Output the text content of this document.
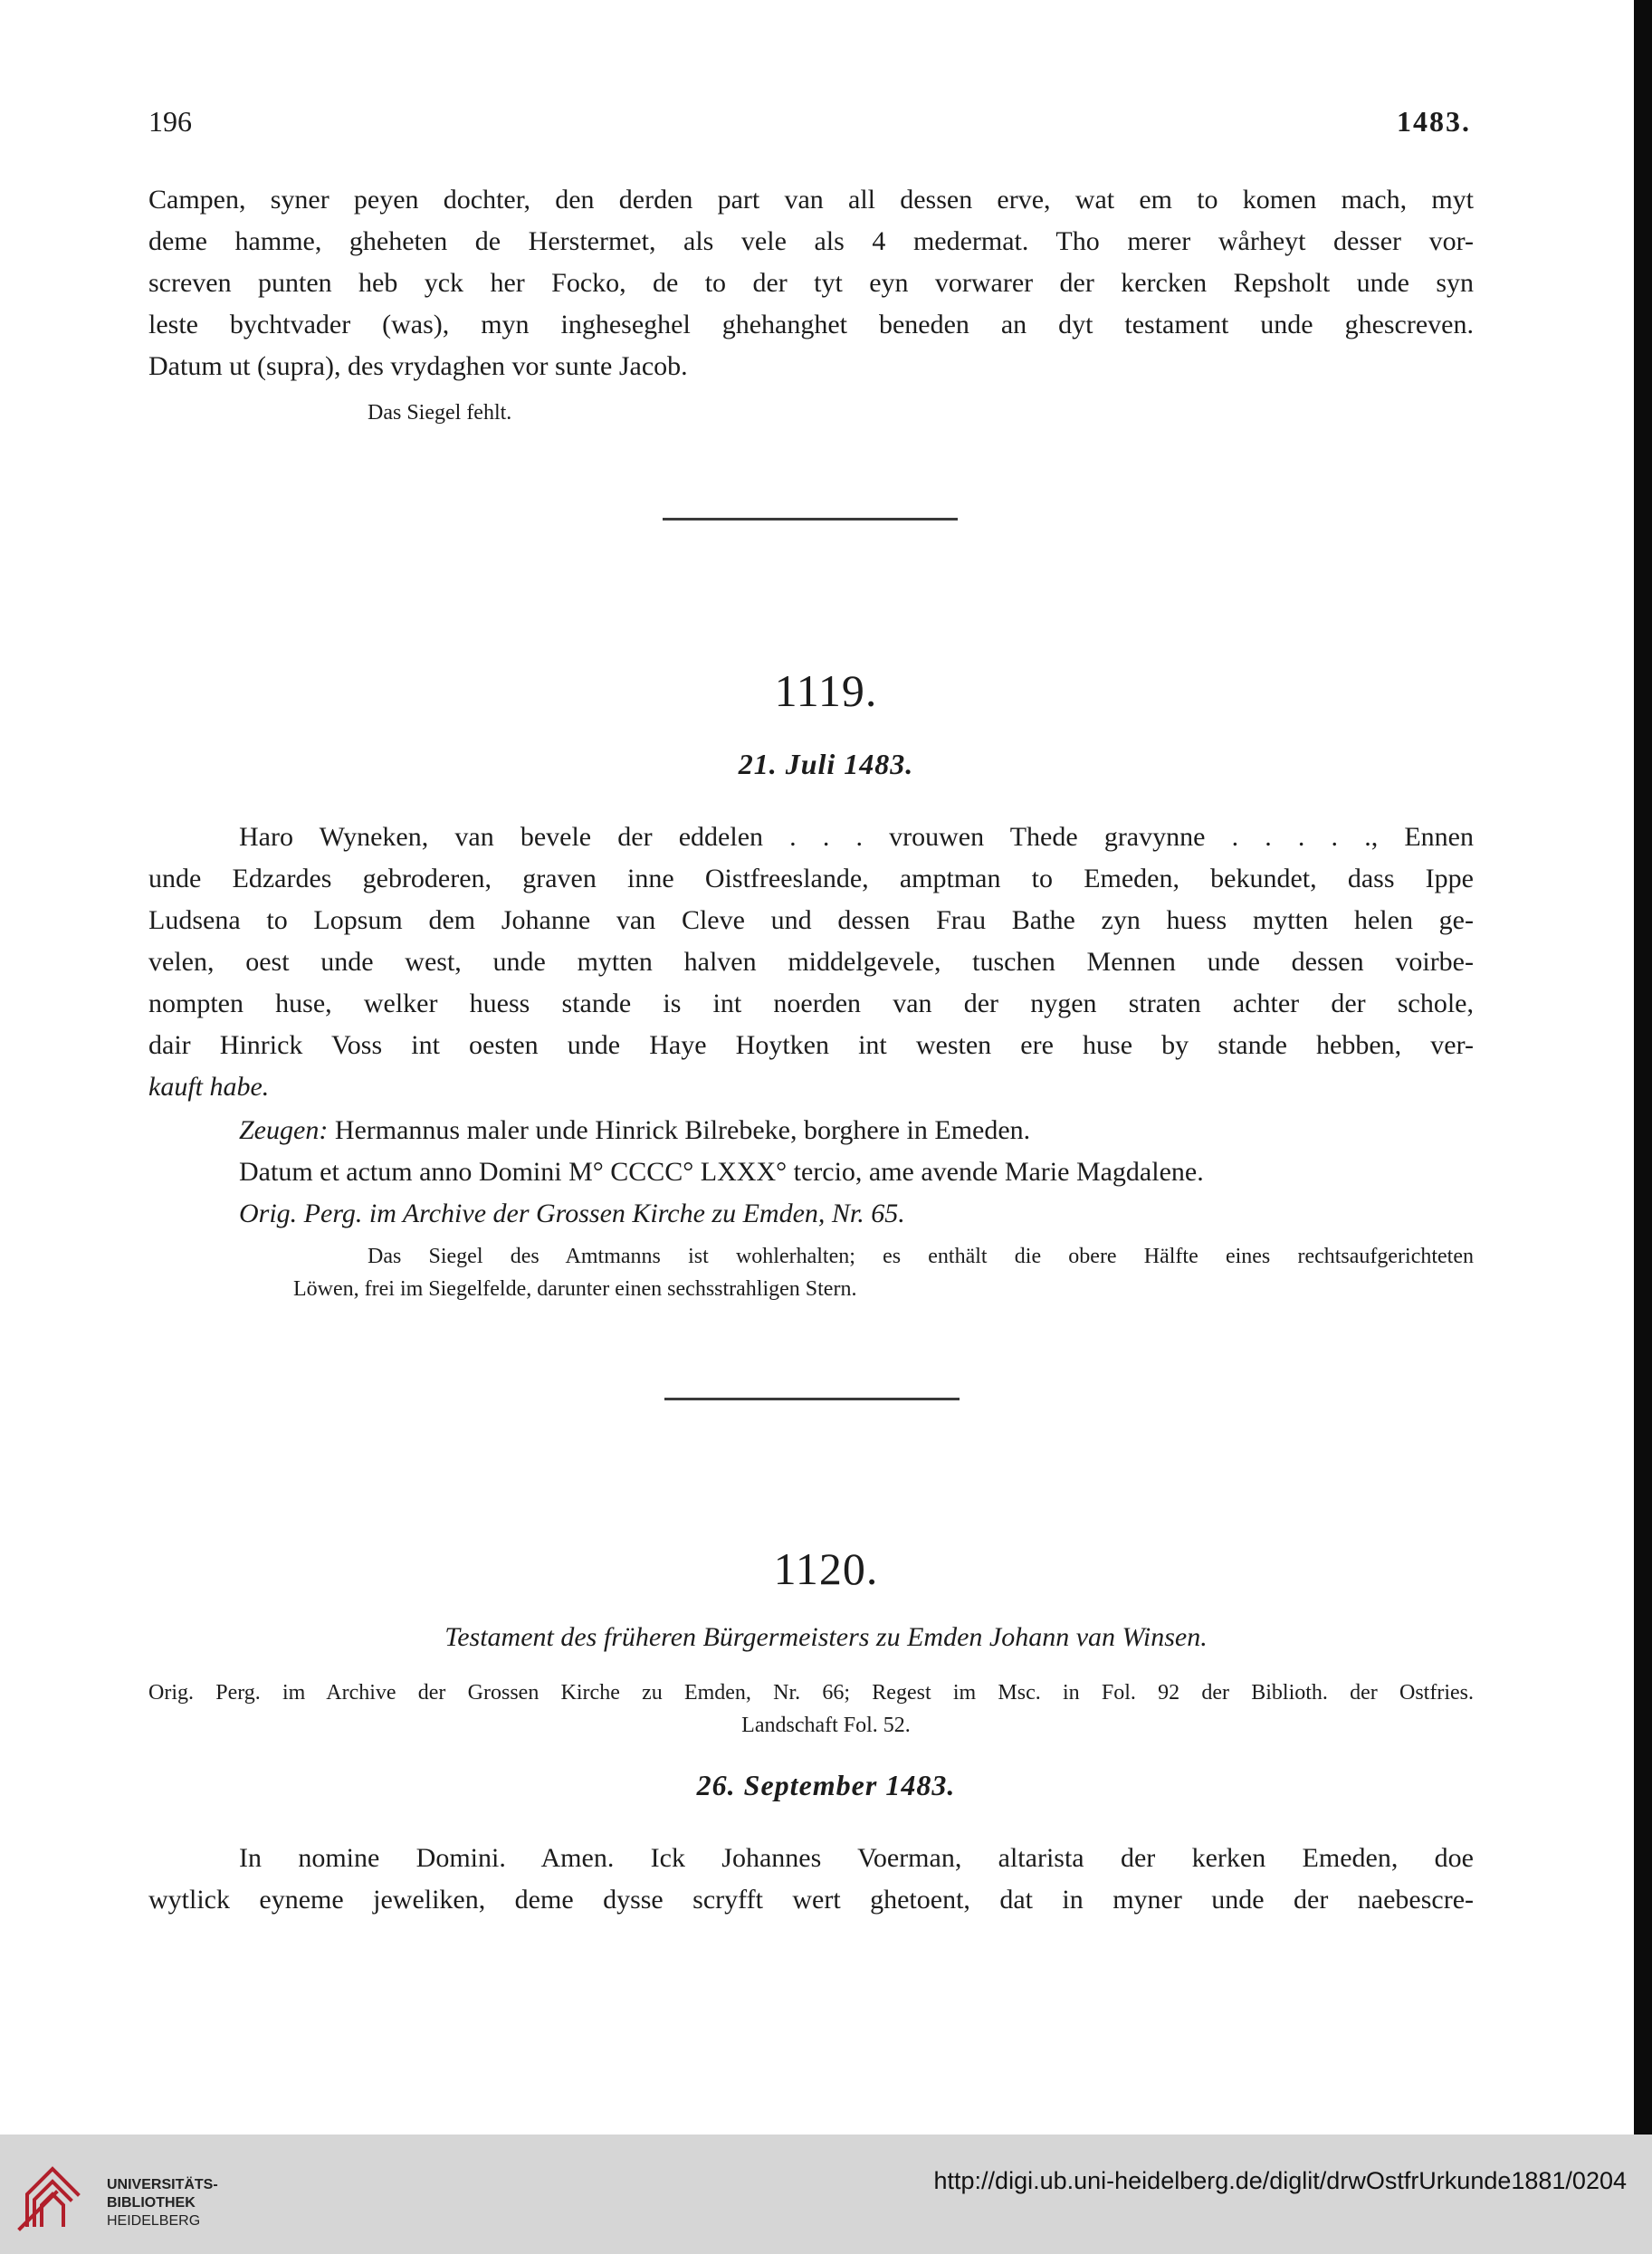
196	1483.
Campen, syner peyen dochter, den derden part van all dessen erve, wat em to komen mach, myt
deme hamme, gheheten de Herstermet, als vele als 4 medermat. Tho merer wårheyt desser vor-
screven punten heb yck her Focko, de to der tyt eyn vorwarer der kercken Repsholt unde syn
leste bychtvader (was), myn ingheseghel ghehanghet beneden an dyt testament unde ghescreven.
Datum ut (supra), des vrydaghen vor sunte Jacob.
Das Siegel fehlt.
1119.
21. Juli 1483.
Haro Wyneken, van bevele der eddelen . . . vrouwen Thede gravynne . . . . ., Ennen
unde Edzardes gebroderen, graven inne Oistfreeslande, amptman to Emeden, bekundet, dass Ippe
Ludsena to Lopsum dem Johanne van Cleve und dessen Frau Bathe zyn huess mytten helen ge-
velen, oest unde west, unde mytten halven middelgevele, tuschen Mennen unde dessen voirbe-
nompten huse, welker huess stande is int noerden van der nygen straten achter der schole,
dair Hinrick Voss int oesten unde Haye Hoytken int westen ere huse by stande hebben, ver-
kauft habe.
Zeugen: Hermannus maler unde Hinrick Bilrebeke, borghere in Emeden.
Datum et actum anno Domini M° CCCC° LXXX° tercio, ame avende Marie Magdalene.
Orig. Perg. im Archive der Grossen Kirche zu Emden, Nr. 65.
Das Siegel des Amtmanns ist wohlerhalten; es enthält die obere Hälfte eines rechtsaufgerichteten
Löwen, frei im Siegelfelde, darunter einen sechsstrahligen Stern.
1120.
Testament des früheren Bürgermeisters zu Emden Johann van Winsen.
Orig. Perg. im Archive der Grossen Kirche zu Emden, Nr. 66; Regest im Msc. in Fol. 92 der Biblioth. der Ostfries.
Landschaft Fol. 52.
26. September 1483.
In nomine Domini. Amen. Ick Johannes Voerman, altarista der kerken Emeden, doe
wytlick eyneme jeweliken, deme dysse scryfft wert ghetoent, dat in myner unde der naebescre-
UNIVERSITÄTS-
BIBLIOTHEK
HEIDELBERG
http://digi.ub.uni-heidelberg.de/diglit/drwOstfrUrkunde1881/0204
